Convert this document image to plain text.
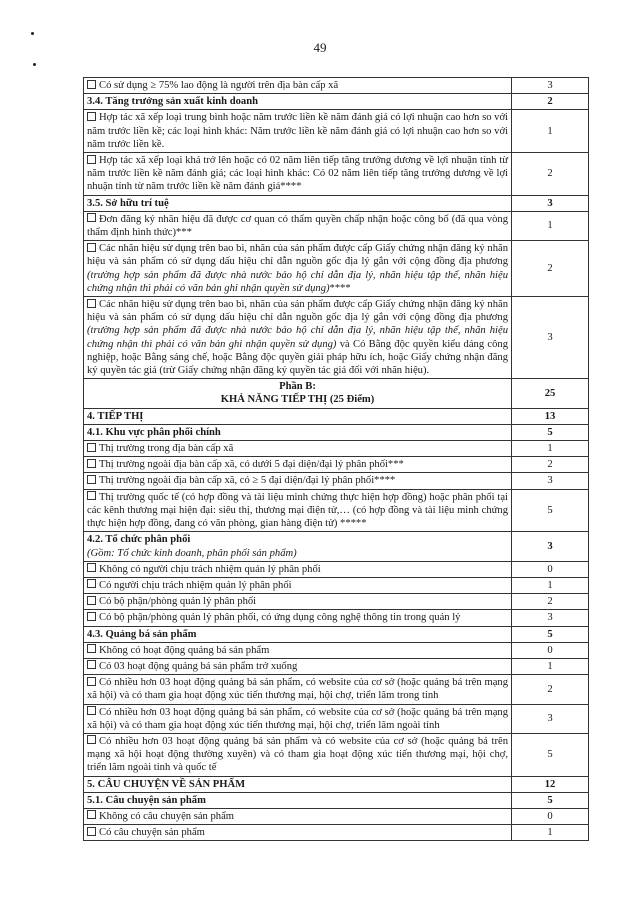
49
Có sử dụng ≥ 75% lao động là người trên địa bàn cấp xã	3
3.4. Tăng trưởng sản xuất kinh doanh	2
Hợp tác xã xếp loại trung bình hoặc năm trước liền kề năm đánh giá có lợi nhuận cao hơn so với năm trước liền kề; các loại hình khác: Năm trước liền kề năm đánh giá có lợi nhuận cao hơn so với năm trước liền kề.	1
Hợp tác xã xếp loại khá trở lên hoặc có 02 năm liên tiếp tăng trưởng dương về lợi nhuận tính từ năm trước liền kề năm đánh giá; các loại hình khác: Có 02 năm liên tiếp tăng trưởng dương về lợi nhuận tính từ năm trước liền kề năm đánh giá****	2
3.5. Sở hữu trí tuệ	3
Đơn đăng ký nhãn hiệu đã được cơ quan có thẩm quyền chấp nhận hoặc công bố (đã qua vòng thẩm định hình thức)***	1
Các nhãn hiệu sử dụng trên bao bì, nhãn của sản phẩm được cấp Giấy chứng nhận đăng ký nhãn hiệu và sản phẩm có sử dụng dấu hiệu chỉ dẫn nguồn gốc địa lý gắn với cộng đồng địa phương (trường hợp sản phẩm đã được nhà nước bảo hộ chỉ dẫn địa lý, nhãn hiệu tập thể, nhãn hiệu chứng nhận thì phải có văn bản ghi nhận quyền sử dụng)****	2
Các nhãn hiệu sử dụng trên bao bì, nhãn của sản phẩm được cấp Giấy chứng nhận đăng ký nhãn hiệu và sản phẩm có sử dụng dấu hiệu chỉ dẫn nguồn gốc địa lý gắn với cộng đồng địa phương (trường hợp sản phẩm đã được nhà nước bảo hộ chỉ dẫn địa lý, nhãn hiệu tập thể, nhãn hiệu chứng nhận thì phải có văn bản ghi nhận quyền sử dụng) và Có Bằng độc quyền kiểu dáng công nghiệp, hoặc Bằng sáng chế, hoặc Bằng độc quyền giải pháp hữu ích, hoặc Giấy chứng nhận đăng ký quyền tác giả (trừ Giấy chứng nhận đăng ký quyền tác giả đối với nhãn hiệu).	3

Phần B:
KHẢ NĂNG TIẾP THỊ (25 Điểm)	25
4. TIẾP THỊ	13
4.1. Khu vực phân phối chính	5
Thị trường trong địa bàn cấp xã	1
Thị trường ngoài địa bàn cấp xã, có dưới 5 đại diện/đại lý phân phối***	2
Thị trường ngoài địa bàn cấp xã, có ≥ 5 đại diện/đại lý phân phối****	3
Thị trường quốc tế (có hợp đồng và tài liệu minh chứng thực hiện hợp đồng) hoặc phân phối tại các kênh thương mại hiện đại: siêu thị, thương mại điện tử,… (có hợp đồng và tài liệu minh chứng thực hiện hợp đồng, đang có văn phòng, gian hàng điện tử) *****	5

4.2. Tổ chức phân phối
(Gồm: Tổ chức kinh doanh, phân phối sản phẩm)	3
Không có người chịu trách nhiệm quản lý phân phối	0
Có người chịu trách nhiệm quản lý phân phối	1
Có bộ phận/phòng quản lý phân phối	2
Có bộ phận/phòng quản lý phân phối, có ứng dụng công nghệ thông tin trong quản lý	3
4.3. Quảng bá sản phẩm	5
Không có hoạt động quảng bá sản phẩm	0
Có 03 hoạt động quảng bá sản phẩm trở xuống	1
Có nhiều hơn 03 hoạt động quảng bá sản phẩm, có website của cơ sở (hoặc quảng bá trên mạng xã hội) và có tham gia hoạt động xúc tiến thương mại, hội chợ, triển lãm trong tỉnh	2
Có nhiều hơn 03 hoạt động quảng bá sản phẩm, có website của cơ sở (hoặc quảng bá trên mạng xã hội) và có tham gia hoạt động xúc tiến thương mại, hội chợ, triển lãm ngoài tỉnh	3
Có nhiều hơn 03 hoạt động quảng bá sản phẩm và có website của cơ sở (hoặc quảng bá trên mạng xã hội hoạt động thường xuyên) và có tham gia hoạt động xúc tiến thương mại, hội chợ, triển lãm ngoài tỉnh và quốc tế	5
5. CÂU CHUYỆN VỀ SẢN PHẨM	12
5.1. Câu chuyện sản phẩm	5
Không có câu chuyện sản phẩm	0
Có câu chuyện sản phẩm	1
